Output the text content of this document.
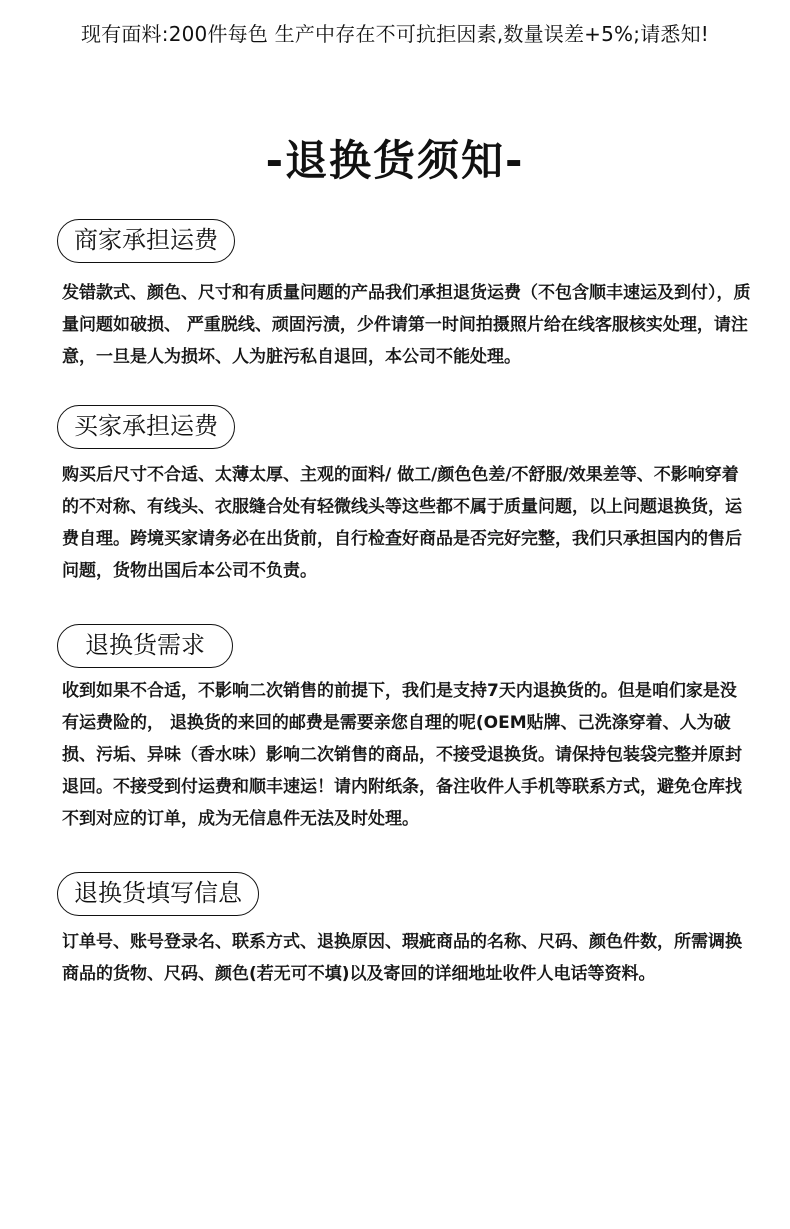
现有面料:200件每色 生产中存在不可抗拒因素,数量误差+5%;请悉知!
-退换货须知-
商家承担运费
发错款式、颜色、尺寸和有质量问题的产品我们承担退货运费（不包含顺丰速运及到付），质量问题如破损、 严重脱线、顽固污渍，少件请第一时间拍摄照片给在线客服核实处理，请注意，一旦是人为损坏、人为脏污私自退回，本公司不能处理。
买家承担运费
购买后尺寸不合适、太薄太厚、主观的面料/ 做工/颜色色差/不舒服/效果差等、不影响穿着的不对称、有线头、衣服缝合处有轻微线头等这些都不属于质量问题，以上问题退换货，运费自理。跨境买家请务必在出货前，自行检查好商品是否完好完整，我们只承担国内的售后问题，货物出国后本公司不负责。
退换货需求
收到如果不合适，不影响二次销售的前提下，我们是支持7天内退换货的。但是咱们家是没有运费险的， 退换货的来回的邮费是需要亲您自理的呢(OEM贴牌、己洗涤穿着、人为破损、污垢、异味（香水味）影响二次销售的商品，不接受退换货。请保持包装袋完整并原封退回。不接受到付运费和顺丰速运！请内附纸条，备注收件人手机等联系方式，避免仓库找不到对应的订单，成为无信息件无法及时处理。
退换货填写信息
订单号、账号登录名、联系方式、退换原因、瑕疵商品的名称、尺码、颜色件数，所需调换商品的货物、尺码、颜色(若无可不填)以及寄回的详细地址收件人电话等资料。
